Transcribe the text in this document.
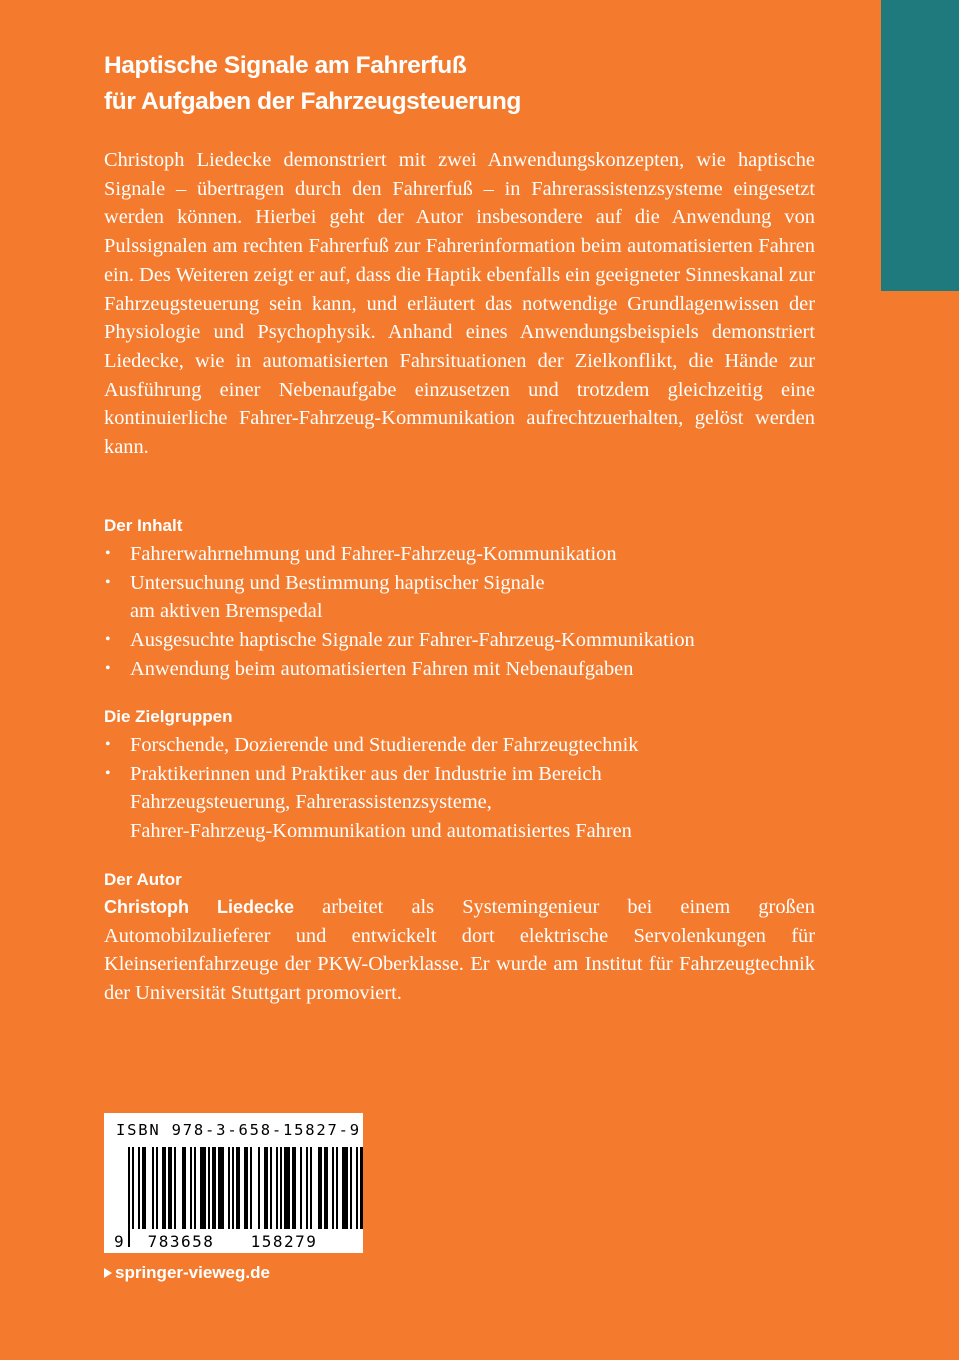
Haptische Signale am Fahrerfuß
für Aufgaben der Fahrzeugsteuerung

Christoph Liedecke demonstriert mit zwei Anwendungskonzepten, wie haptische Signale – übertragen durch den Fahrerfuß – in Fahrerassistenzsysteme eingesetzt werden können. Hierbei geht der Autor insbesondere auf die Anwendung von Pulssignalen am rechten Fahrerfuß zur Fahrerinformation beim automatisierten Fahren ein. Des Weiteren zeigt er auf, dass die Haptik ebenfalls ein geeigneter Sinneskanal zur Fahrzeugsteuerung sein kann, und erläutert das notwendige Grundlagenwissen der Physiologie und Psychophysik. Anhand eines Anwendungsbeispiels demonstriert Liedecke, wie in automatisierten Fahrsituationen der Zielkonflikt, die Hände zur Ausführung einer Nebenaufgabe einzusetzen und trotzdem gleichzeitig eine kontinuierliche Fahrer-Fahrzeug-Kommunikation aufrechtzuerhalten, gelöst werden kann.

Der Inhalt
• Fahrerwahrnehmung und Fahrer-Fahrzeug-Kommunikation
• Untersuchung und Bestimmung haptischer Signale
am aktiven Bremspedal
• Ausgesuchte haptische Signale zur Fahrer-Fahrzeug-Kommunikation
• Anwendung beim automatisierten Fahren mit Nebenaufgaben
Die Zielgruppen
• Forschende, Dozierende und Studierende der Fahrzeugtechnik
• Praktikerinnen und Praktiker aus der Industrie im Bereich
Fahrzeugsteuerung, Fahrerassistenzsysteme,
Fahrer-Fahrzeug-Kommunikation und automatisiertes Fahren
Der Autor

Christoph Liedecke arbeitet als Systemingenieur bei einem großen Automobilzulieferer und entwickelt dort elektrische Servolenkungen für Kleinserienfahrzeuge der PKW-Oberklasse. Er wurde am Institut für Fahrzeugtechnik der Universität Stuttgart promoviert.

ISBN 978-3-658-15827-9
9 783658 158279
springer-vieweg.de
